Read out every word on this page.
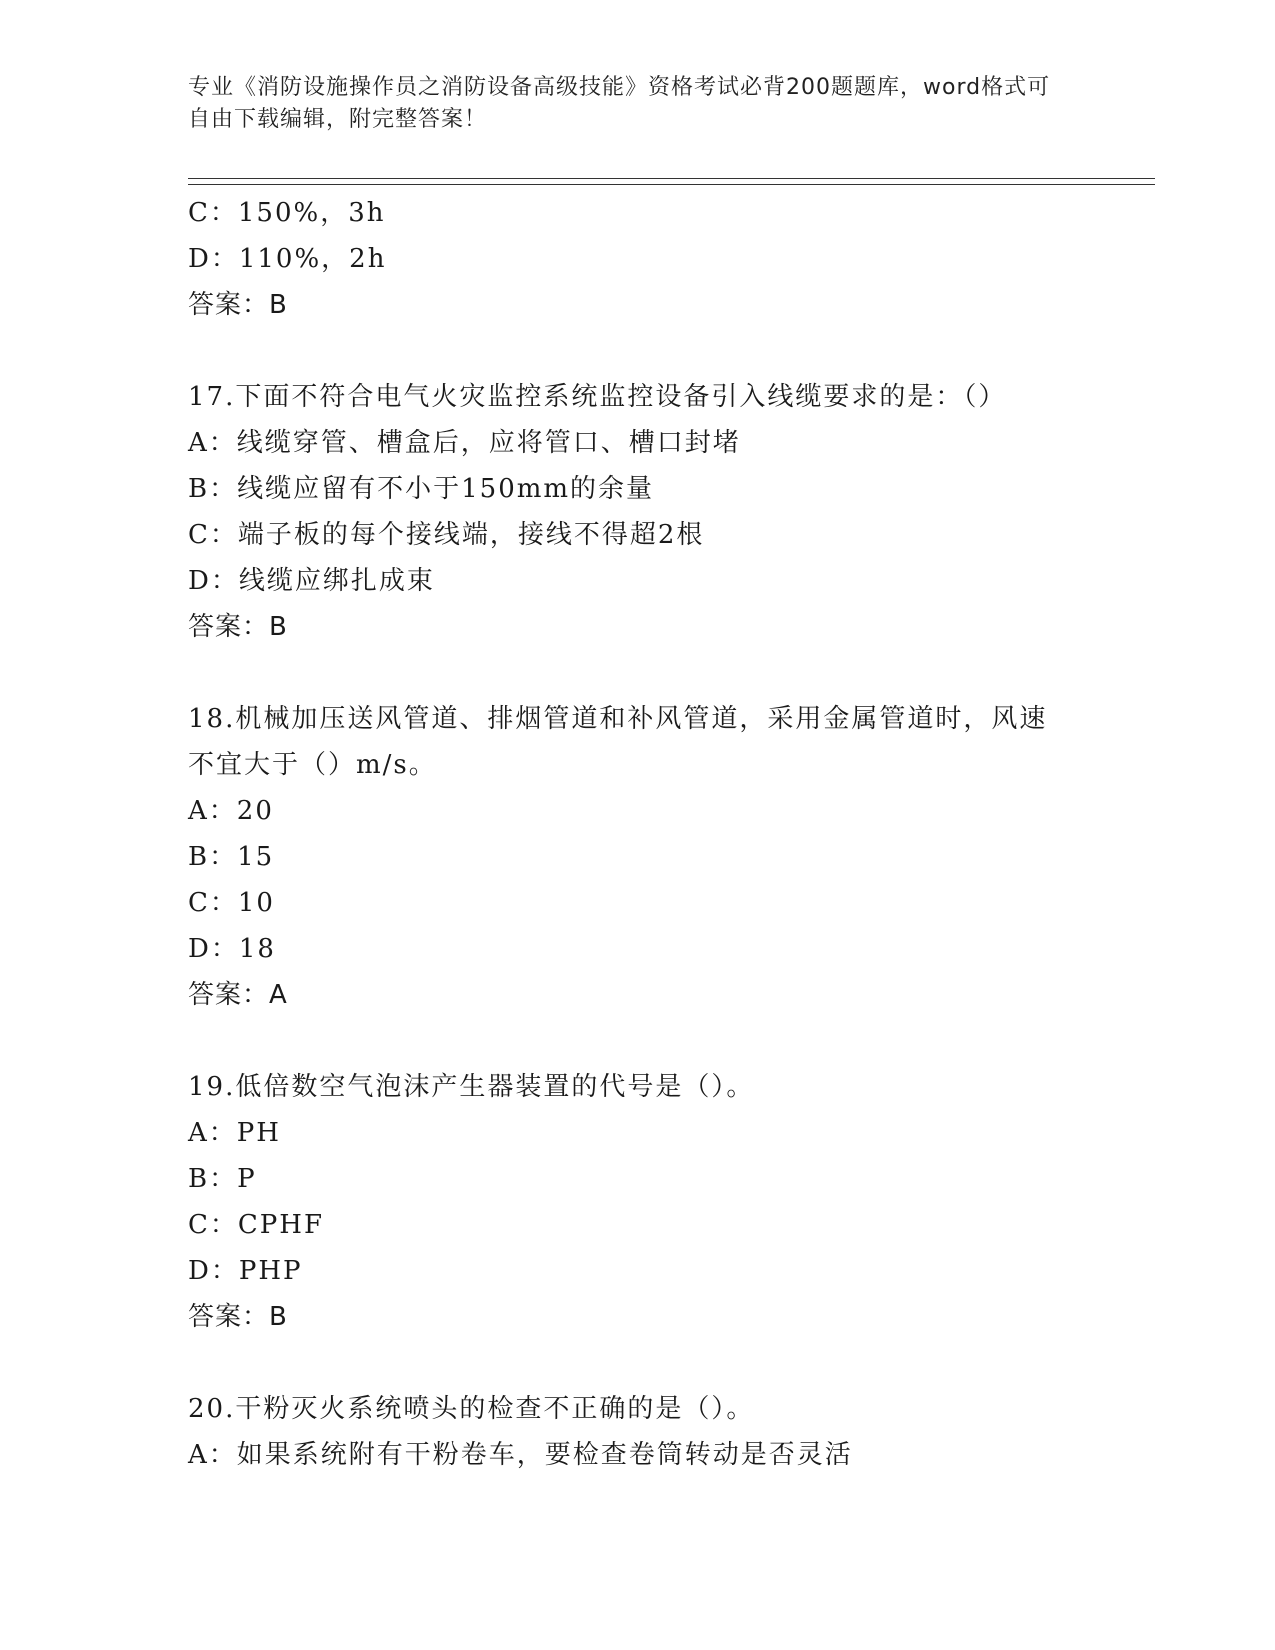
专业《消防设施操作员之消防设备高级技能》资格考试必背200题题库，word格式可自由下载编辑，附完整答案！
C：150%，3h
D：110%，2h
答案：B
17.下面不符合电气火灾监控系统监控设备引入线缆要求的是：（）
A：线缆穿管、槽盒后，应将管口、槽口封堵
B：线缆应留有不小于150mm的余量
C：端子板的每个接线端，接线不得超2根
D：线缆应绑扎成束
答案：B
18.机械加压送风管道、排烟管道和补风管道，采用金属管道时，风速
不宜大于（）m/s。
A：20
B：15
C：10
D：18
答案：A
19.低倍数空气泡沫产生器装置的代号是（）。
A：PH
B：P
C：CPHF
D：PHP
答案：B
20.干粉灭火系统喷头的检查不正确的是（）。
A：如果系统附有干粉卷车，要检查卷筒转动是否灵活
